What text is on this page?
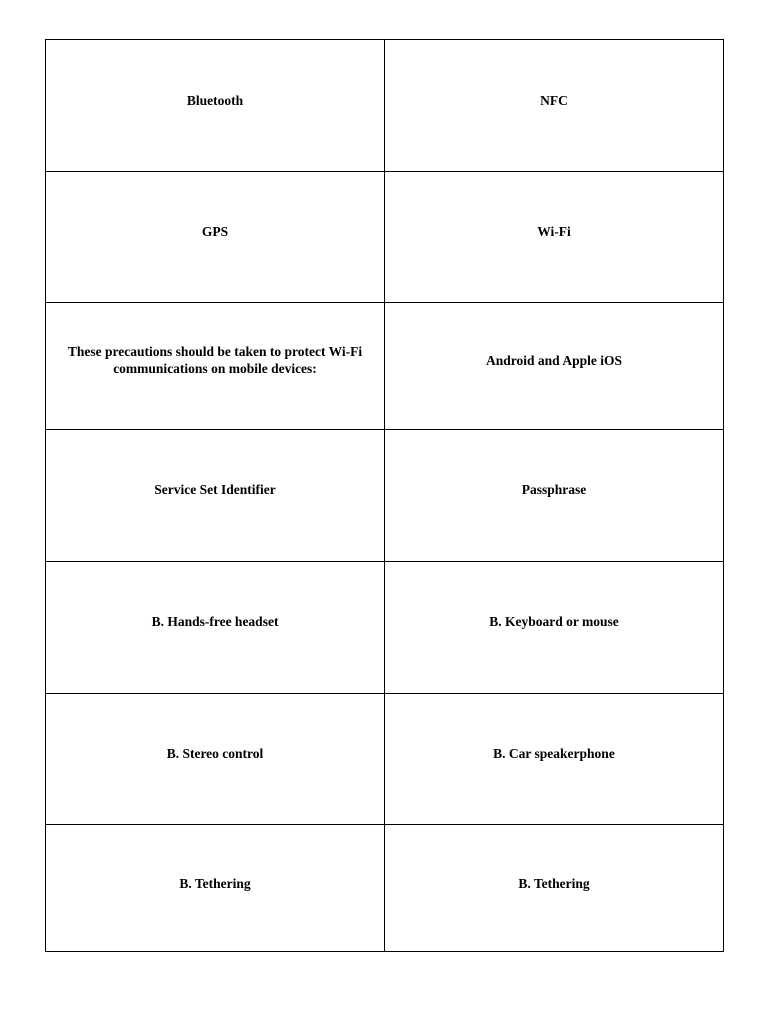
Bluetooth	NFC
GPS	Wi-Fi
These precautions should be taken to protect Wi-Fi communications on mobile devices:	Android and Apple iOS
Service Set Identifier	Passphrase
B. Hands-free headset	B. Keyboard or mouse
B. Stereo control	B. Car speakerphone
B. Tethering	B. Tethering
